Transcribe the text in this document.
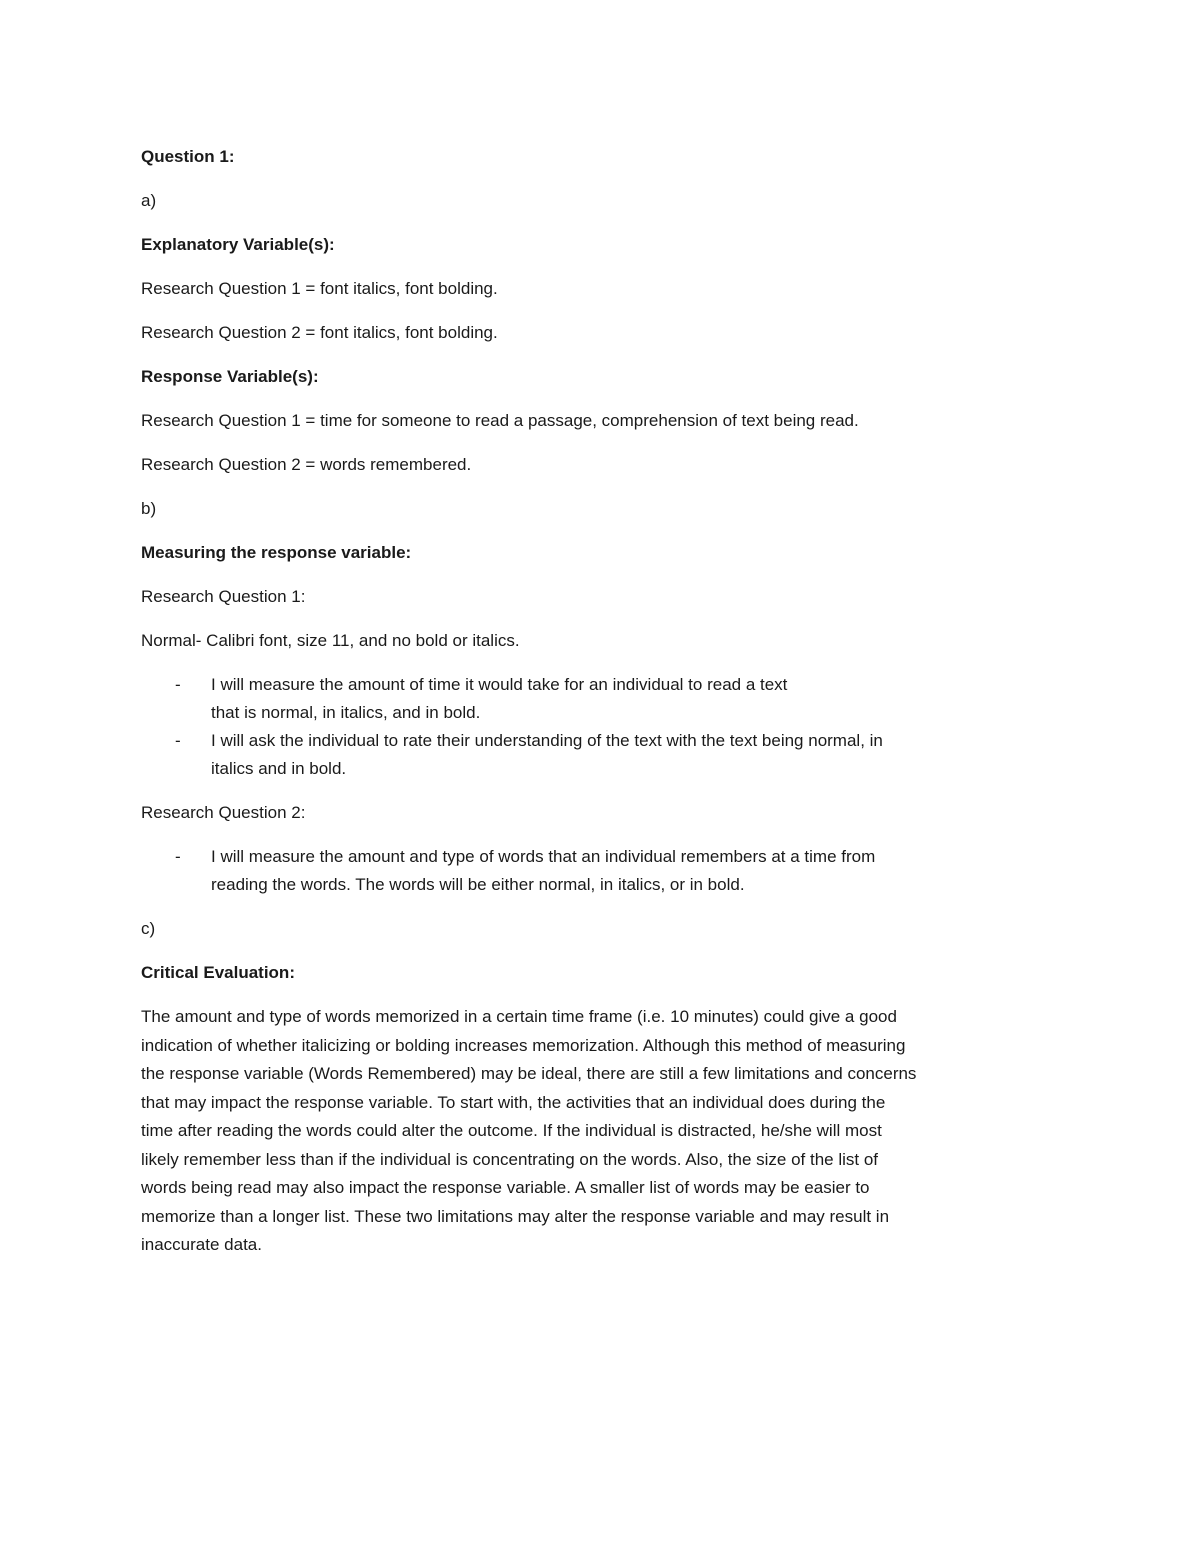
Question 1:

a)

Explanatory Variable(s):

Research Question 1 = font italics, font bolding.

Research Question 2 = font italics, font bolding.

Response Variable(s):

Research Question 1 = time for someone to read a passage, comprehension of text being read.

Research Question 2 = words remembered.

b)

Measuring the response variable:

Research Question 1:

Normal- Calibri font, size 11, and no bold or italics.

- I will measure the amount of time it would take for an individual to read a text
that is normal, in italics, and in bold.
- I will ask the individual to rate their understanding of the text with the text being normal, in
italics and in bold.

Research Question 2:

- I will measure the amount and type of words that an individual remembers at a time from
reading the words. The words will be either normal, in italics, or in bold.

c)

Critical Evaluation:

The amount and type of words memorized in a certain time frame (i.e. 10 minutes) could give a good
indication of whether italicizing or bolding increases memorization. Although this method of measuring
the response variable (Words Remembered) may be ideal, there are still a few limitations and concerns
that may impact the response variable. To start with, the activities that an individual does during the
time after reading the words could alter the outcome. If the individual is distracted, he/she will most
likely remember less than if the individual is concentrating on the words. Also, the size of the list of
words being read may also impact the response variable. A smaller list of words may be easier to
memorize than a longer list. These two limitations may alter the response variable and may result in
inaccurate data.
